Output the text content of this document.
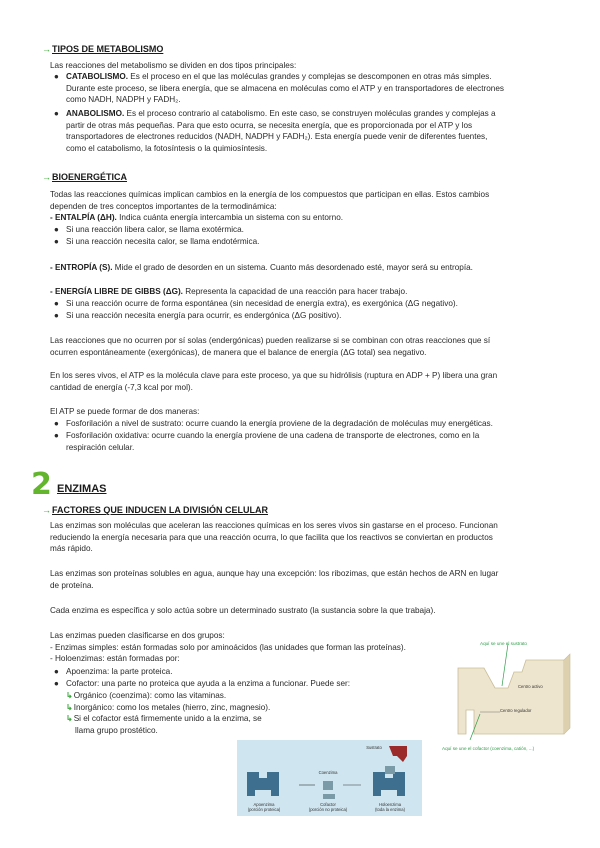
→TIPOS DE METABOLISMO
Las reacciones del metabolismo se dividen en dos tipos principales:
● CATABOLISMO. Es el proceso en el que las moléculas grandes y complejas se descomponen en otras más simples.
Durante este proceso, se libera energía, que se almacena en moléculas como el ATP y en transportadores de electrones
como NADH, NADPH y FADH₂.
● ANABOLISMO. Es el proceso contrario al catabolismo. En este caso, se construyen moléculas grandes y complejas a
partir de otras más pequeñas. Para que esto ocurra, se necesita energía, que es proporcionada por el ATP y los
transportadores de electrones reducidos (NADH, NADPH y FADH₂). Esta energía puede venir de diferentes fuentes,
como el catabolismo, la fotosíntesis o la quimiosíntesis.
→BIOENERGÉTICA
Todas las reacciones químicas implican cambios en la energía de los compuestos que participan en ellas. Estos cambios
dependen de tres conceptos importantes de la termodinámica:
- ENTALPÍA (ΔH). Indica cuánta energía intercambia un sistema con su entorno.
● Si una reacción libera calor, se llama exotérmica.
● Si una reacción necesita calor, se llama endotérmica.
- ENTROPÍA (S). Mide el grado de desorden en un sistema. Cuanto más desordenado esté, mayor será su entropía.
- ENERGÍA LIBRE DE GIBBS (ΔG). Representa la capacidad de una reacción para hacer trabajo.
● Si una reacción ocurre de forma espontánea (sin necesidad de energía extra), es exergónica (ΔG negativo).
● Si una reacción necesita energía para ocurrir, es endergónica (ΔG positivo).
Las reacciones que no ocurren por sí solas (endergónicas) pueden realizarse si se combinan con otras reacciones que sí
ocurren espontáneamente (exergónicas), de manera que el balance de energía (ΔG total) sea negativo.
En los seres vivos, el ATP es la molécula clave para este proceso, ya que su hidrólisis (ruptura en ADP + P) libera una gran
cantidad de energía (-7,3 kcal por mol).
El ATP se puede formar de dos maneras:
● Fosforilación a nivel de sustrato: ocurre cuando la energía proviene de la degradación de moléculas muy energéticas.
● Fosforilación oxidativa: ocurre cuando la energía proviene de una cadena de transporte de electrones, como en la
respiración celular.
2 ENZIMAS
→FACTORES QUE INDUCEN LA DIVISIÓN CELULAR
Las enzimas son moléculas que aceleran las reacciones químicas en los seres vivos sin gastarse en el proceso. Funcionan
reduciendo la energía necesaria para que una reacción ocurra, lo que facilita que los reactivos se conviertan en productos
más rápido.
Las enzimas son proteínas solubles en agua, aunque hay una excepción: los ribozimas, que están hechos de ARN en lugar
de proteína.
Cada enzima es específica y solo actúa sobre un determinado sustrato (la sustancia sobre la que trabaja).
Las enzimas pueden clasificarse en dos grupos:
- Enzimas simples: están formadas solo por aminoácidos (las unidades que forman las proteínas).
- Holoenzimas: están formadas por:
● Apoenzima: la parte proteica.
● Cofactor: una parte no proteica que ayuda a la enzima a funcionar. Puede ser:
↳Orgánico (coenzima): como las vitaminas.
↳Inorgánico: como los metales (hierro, zinc, magnesio).
↳Si el cofactor está firmemente unido a la enzima, se
llama grupo prostético.
Aquí se une el sustrato
Centro activo
Centro regulador
Aquí se une el cofactor (coenzima, catión, ...)
Sustrato
Coenzima
Apoenzima
(porción proteica)
Cofactor
(porción no proteica)
Holoenzima
(toda la enzima)
